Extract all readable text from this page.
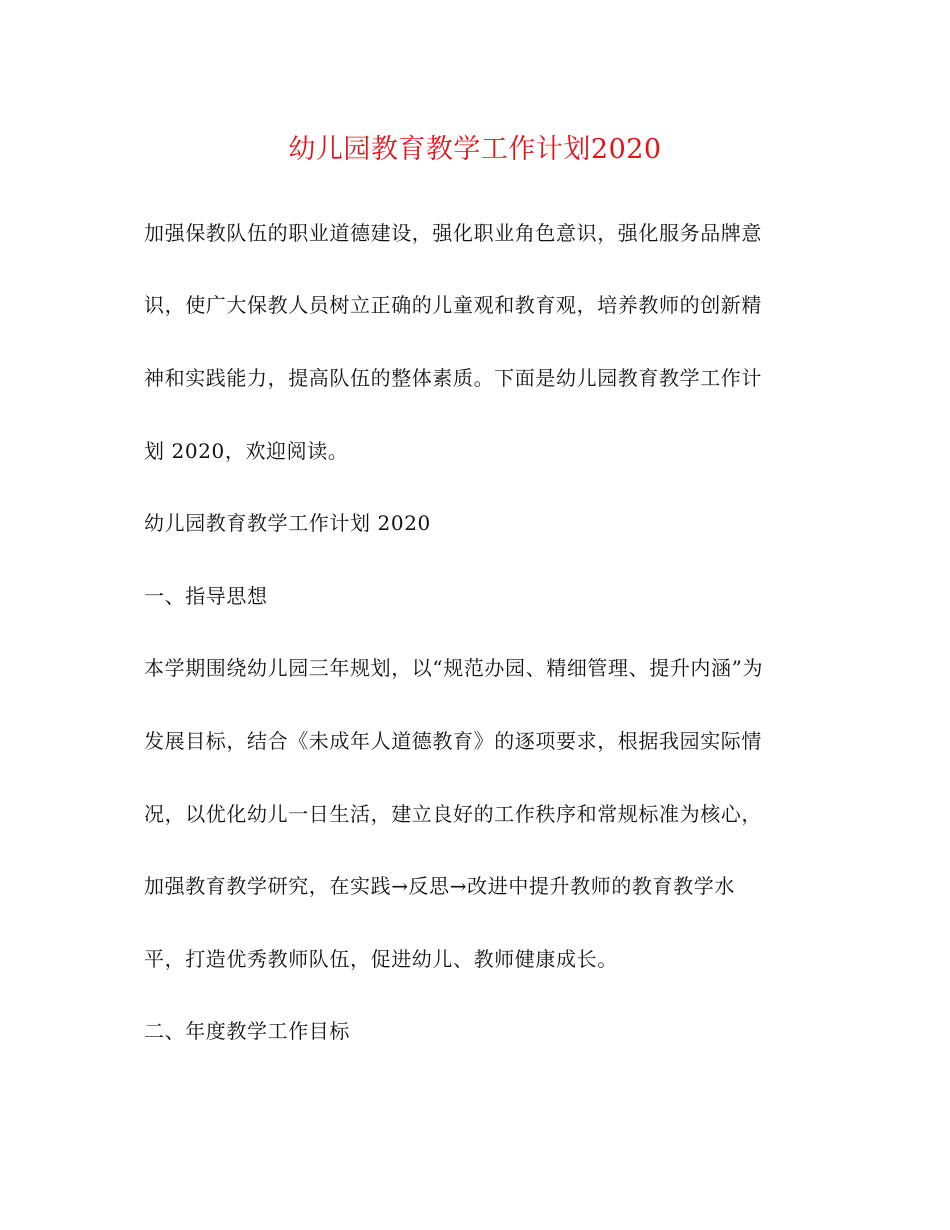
幼儿园教育教学工作计划2020

加强保教队伍的职业道德建设，强化职业角色意识，强化服务品牌意

识，使广大保教人员树立正确的儿童观和教育观，培养教师的创新精

神和实践能力，提高队伍的整体素质。下面是幼儿园教育教学工作计

划 2020，欢迎阅读。

幼儿园教育教学工作计划 2020

一、指导思想

本学期围绕幼儿园三年规划，以“规范办园、精细管理、提升内涵”为

发展目标，结合《未成年人道德教育》的逐项要求，根据我园实际情

况，以优化幼儿一日生活，建立良好的工作秩序和常规标准为核心，

加强教育教学研究，在实践→反思→改进中提升教师的教育教学水

平，打造优秀教师队伍，促进幼儿、教师健康成长。

二、年度教学工作目标
